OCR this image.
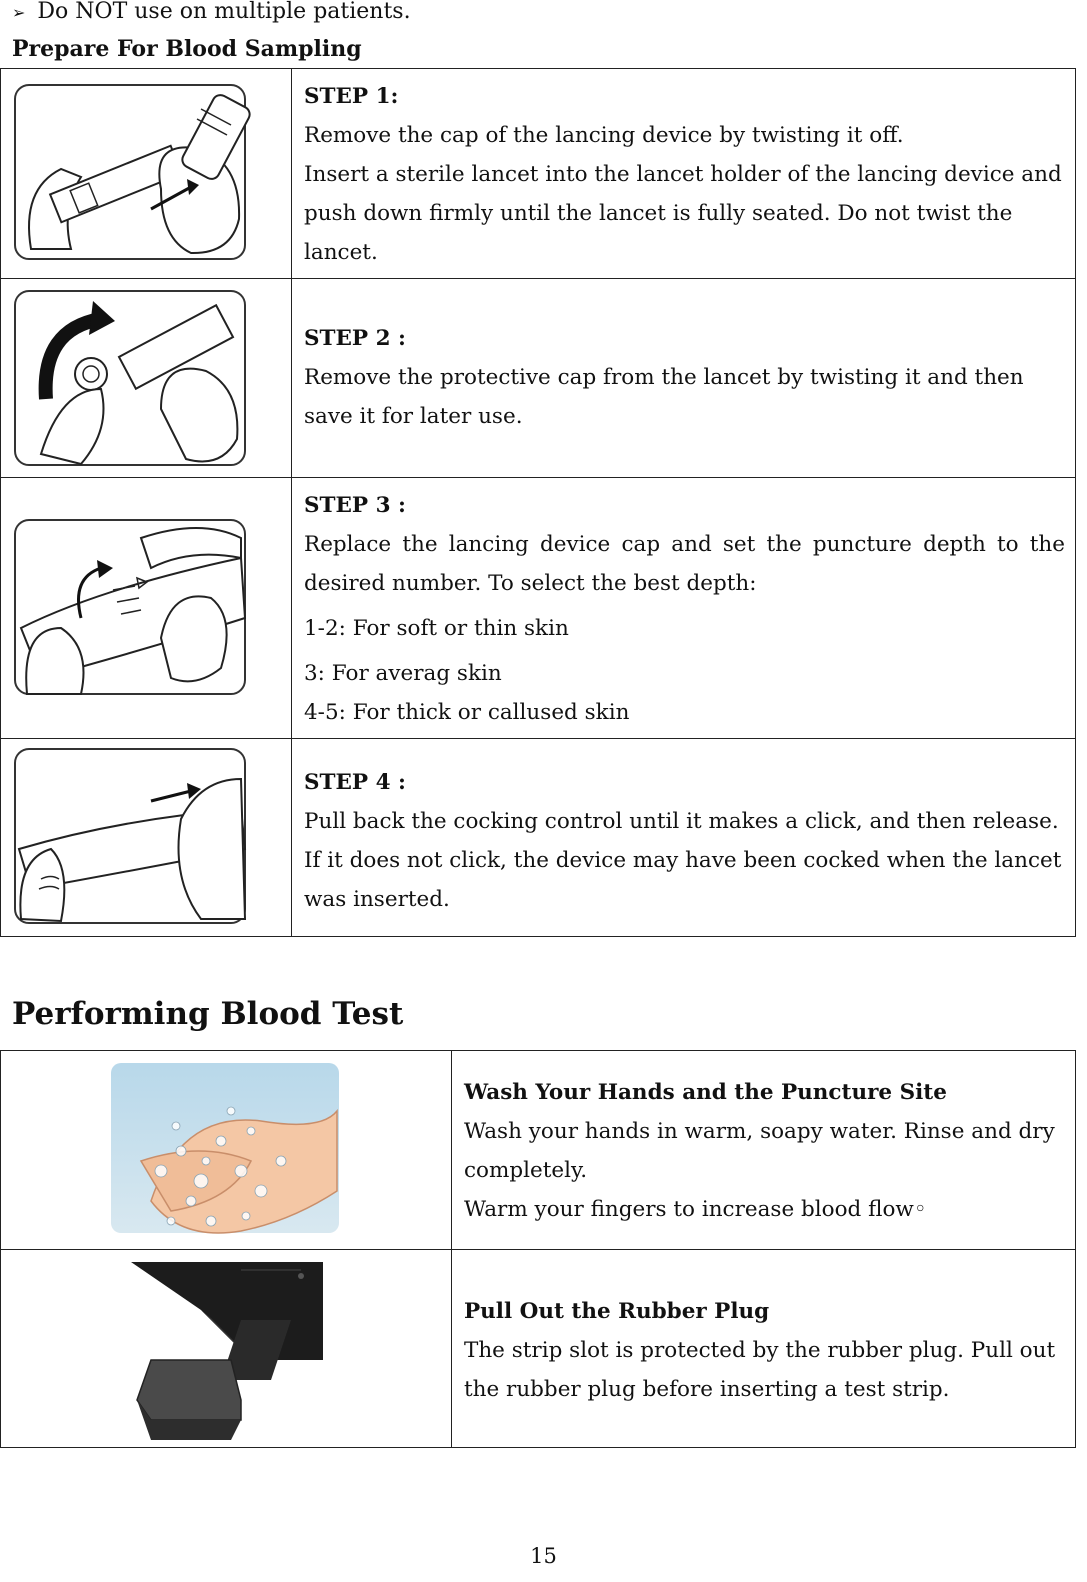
➢ Do NOT use on multiple patients.
Prepare For Blood Sampling

STEP 1:

Remove the cap of the lancing device by twisting it off.

Insert a sterile lancet into the lancet holder of the lancing device and push down firmly until the lancet is fully seated. Do not twist the lancet.

STEP 2 :

Remove the protective cap from the lancet by twisting it and then save it for later use.

STEP 3 :

Replace the lancing device cap and set the puncture depth to the desired number. To select the best depth:

1-2: For soft or thin skin

3: For averag skin

4-5: For thick or callused skin

STEP 4 :

Pull back the cocking control until it makes a click, and then release.

If it does not click, the device may have been cocked when the lancet was inserted.

Performing Blood Test

Wash Your Hands and the Puncture Site

Wash your hands in warm, soapy water. Rinse and dry completely.

Warm your fingers to increase blood flow◦

Pull Out the Rubber Plug

The strip slot is protected by the rubber plug. Pull out the rubber plug before inserting a test strip.

15
